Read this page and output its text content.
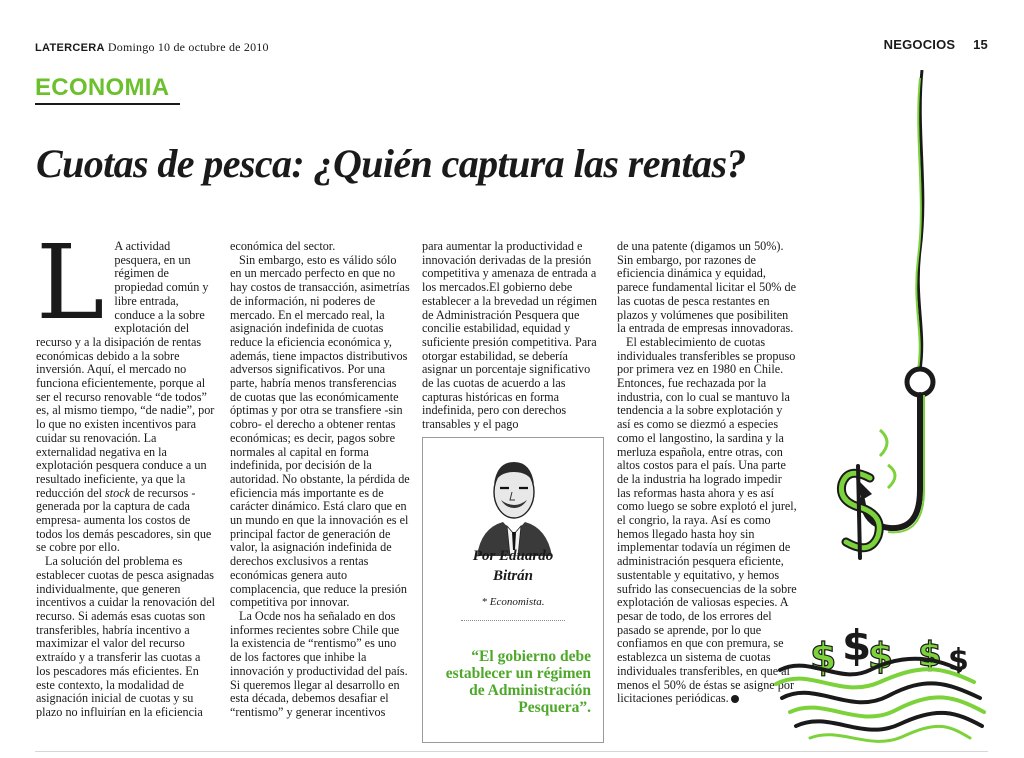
LATERCERA Domingo 10 de octubre de 2010	NEGOCIOS 15
ECONOMIA
Cuotas de pesca: ¿Quién captura las rentas?
L A actividad pesquera, en un régimen de propiedad común y libre entrada, conduce a la sobre explotación del recurso y a la disipación de rentas económicas debido a la sobre inversión. Aquí, el mercado no funciona eficientemente, porque al ser el recurso renovable “de todos” es, al mismo tiempo, “de nadie”, por lo que no existen incentivos para cuidar su renovación. La externalidad negativa en la explotación pesquera conduce a un resultado ineficiente, ya que la reducción del stock de recursos -generada por la captura de cada empresa- aumenta los costos de todos los demás pescadores, sin que se cobre por ello.

La solución del problema es establecer cuotas de pesca asignadas individualmente, que generen incentivos a cuidar la renovación del recurso. Si además esas cuotas son transferibles, habría incentivo a maximizar el valor del recurso extraído y a transferir las cuotas a los pescadores más eficientes. En este contexto, la modalidad de asignación inicial de cuotas y su plazo no influirían en la eficiencia

económica del sector.

Sin embargo, esto es válido sólo en un mercado perfecto en que no hay costos de transacción, asimetrías de información, ni poderes de mercado. En el mercado real, la asignación indefinida de cuotas reduce la eficiencia económica y, además, tiene impactos distributivos adversos significativos. Por una parte, habría menos transferencias de cuotas que las económicamente óptimas y por otra se transfiere -sin cobro- el derecho a obtener rentas económicas; es decir, pagos sobre normales al capital en forma indefinida, por decisión de la autoridad. No obstante, la pérdida de eficiencia más importante es de carácter dinámico. Está claro que en un mundo en que la innovación es el principal factor de generación de valor, la asignación indefinida de derechos exclusivos a rentas económicas genera auto complacencia, que reduce la presión competitiva por innovar.

La Ocde nos ha señalado en dos informes recientes sobre Chile que la existencia de “rentismo” es uno de los factores que inhibe la innovación y productividad del país. Si queremos llegar al desarrollo en esta década, debemos desafiar el “rentismo” y generar incentivos

para aumentar la productividad e innovación derivadas de la presión competitiva y amenaza de entrada a los mercados.El gobierno debe establecer a la brevedad un régimen de Administración Pesquera que concilie estabilidad, equidad y suficiente presión competitiva. Para otorgar estabilidad, se debería asignar un porcentaje significativo de las cuotas de acuerdo a las capturas históricas en forma indefinida, pero con derechos transables y el pago

de una patente (digamos un 50%). Sin embargo, por razones de eficiencia dinámica y equidad, parece fundamental licitar el 50% de las cuotas de pesca restantes en plazos y volúmenes que posibiliten la entrada de empresas innovadoras.

El establecimiento de cuotas individuales transferibles se propuso por primera vez en 1980 en Chile. Entonces, fue rechazada por la industria, con lo cual se mantuvo la tendencia a la sobre explotación y así es como se diezmó a especies como el langostino, la sardina y la merluza española, entre otras, con altos costos para el país. Una parte de la industria ha logrado impedir las reformas hasta ahora y es así como luego se sobre explotó el jurel, el congrio, la raya. Así es como hemos llegado hasta hoy sin implementar todavía un régimen de administración pesquera eficiente, sustentable y equitativo, y hemos sufrido las consecuencias de la sobre explotación de valiosas especies. A pesar de todo, de los errores del pasado se aprende, por lo que confiamos en que con premura, se establezca un sistema de cuotas individuales transferibles, en que al menos el 50% de éstas se asigne por licitaciones periódicas.

Por Eduardo
Bitrán
* Economista.
“El gobierno debe establecer un régimen de Administración Pesquera”.
$ $
$ $ $
